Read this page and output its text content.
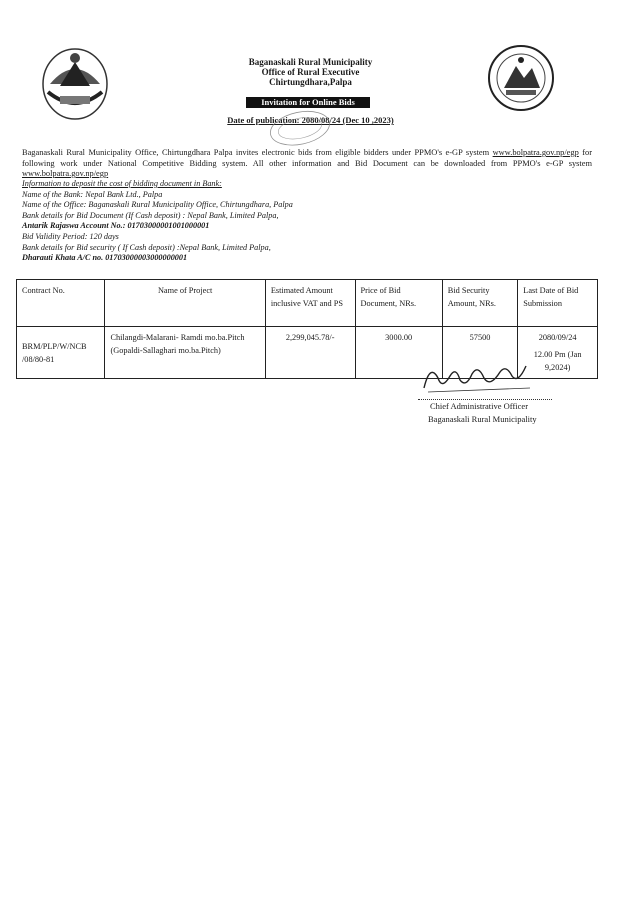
Baganaskali Rural Municipality
Office of Rural Executive
Chirtungdhara,Palpa
Invitation for Online Bids
Date of publication: 2080/08/24 (Dec 10 ,2023)
Baganaskali Rural Municipality Office, Chirtungdhara Palpa invites electronic bids from eligible bidders under PPMO's e-GP system www.bolpatra.gov.np/egp for following work under National Competitive Bidding system. All other information and Bid Document can be downloaded from PPMO's e-GP system www.bolpatra.gov.np/egp
Information to deposit the cost of bidding document in Bank:
Name of the Bank: Nepal Bank Ltd., Palpa
Name of the Office: Baganaskali Rural Municipality Office, Chirtungdhara, Palpa
Bank details for Bid Document (If Cash deposit) : Nepal Bank, Limited Palpa,
Antarik Rajaswa Account No.: 01703000001001000001
Bid Validity Period: 120 days
Bank details for Bid security ( If Cash deposit) :Nepal Bank, Limited Palpa,
Dharauti Khata A/C no. 01703000003000000001
Contract No.	Name of Project	Estimated Amount inclusive VAT and PS	Price of Bid Document, NRs.	Bid Security Amount, NRs.	Last Date of Bid Submission
BRM/PLP/W/NCB /08/80-81	Chilangdi-Malarani- Ramdi mo.ba.Pitch (Gopaldi-Sallaghari mo.ba.Pitch)	2,299,045.78/-	3000.00	57500	2080/09/24
12.00 Pm (Jan 9,2024)
Chief Administrative Officer
Baganaskali Rural Municipality
